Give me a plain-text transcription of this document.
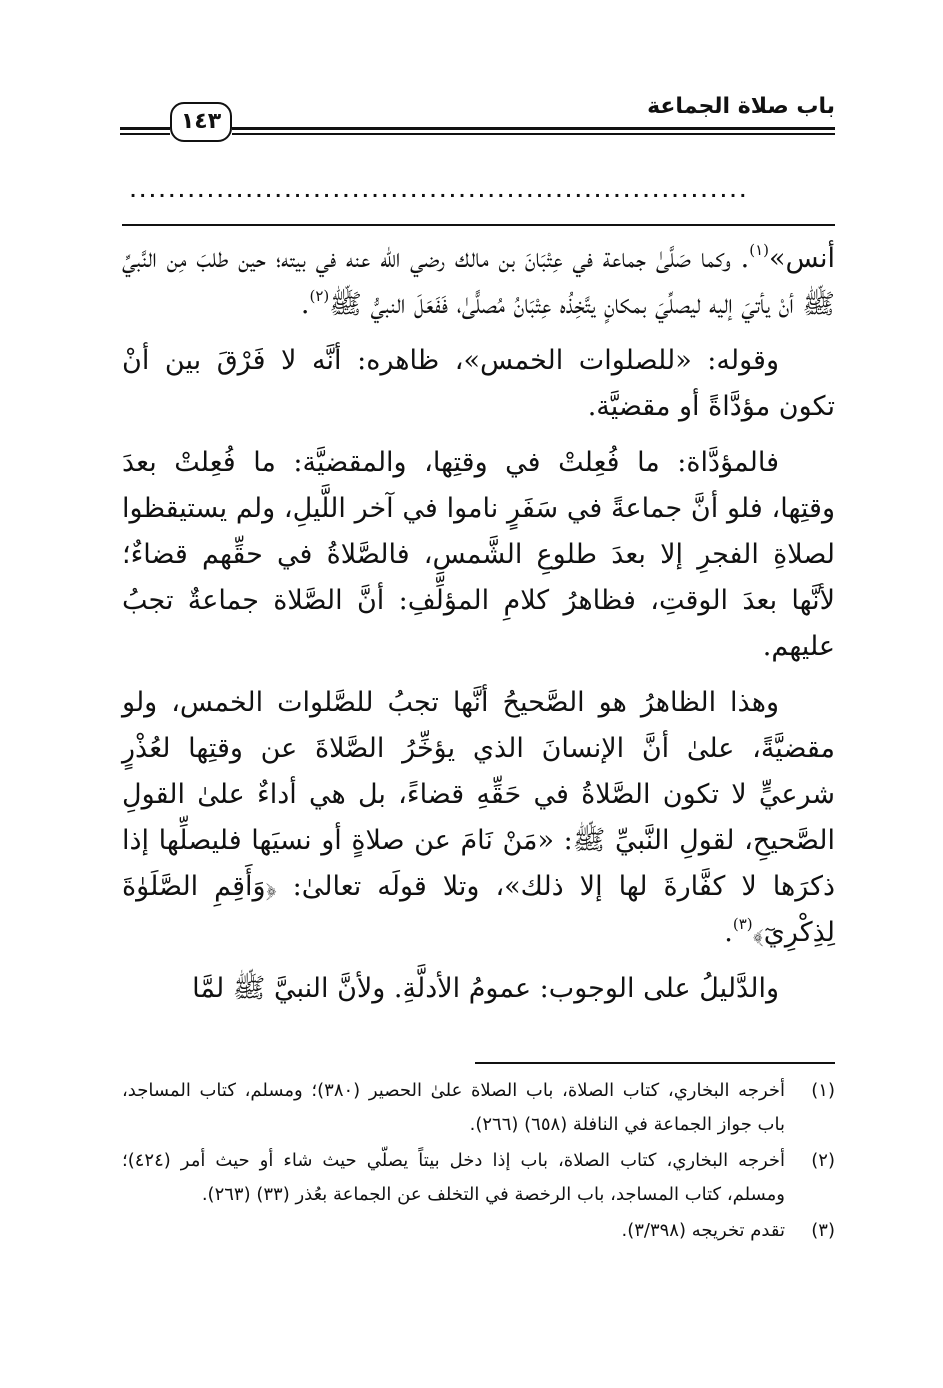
باب صلاة الجماعة
١٤٣
................................................................

أنس»$^{(١)}$. وكما صَلَّىٰ جماعة في عِتْبَانَ بن مالك رضي الله عنه في بيته؛ حين طلبَ مِن النَّبيِّ ﷺ أنْ يأتيَ إليه ليصلِّيَ بمكانٍ يتَّخِذُه عِتْبَانُ مُصلًّىٰ، فَفَعَلَ النبيُّ ﷺ$^{(٢)}$.

وقوله: «للصلوات الخمس»، ظاهره: أنَّه لا فَرْقَ بين أنْ تكون مؤدَّاةً أو مقضيَّة.

فالمؤدَّاة: ما فُعِلتْ في وقتِها، والمقضيَّة: ما فُعِلتْ بعدَ وقتِها، فلو أنَّ جماعةً في سَفَرٍ ناموا في آخر اللَّيلِ، ولم يستيقظوا لصلاةِ الفجرِ إلا بعدَ طلوعِ الشَّمسِ، فالصَّلاةُ في حقِّهم قضاءٌ؛ لأنَّها بعدَ الوقتِ، فظاهرُ كلامِ المؤلِّفِ: أنَّ الصَّلاة جماعةٌ تجبُ عليهم.

وهذا الظاهرُ هو الصَّحيحُ أنَّها تجبُ للصَّلوات الخمس، ولو مقضيَّةً، علىٰ أنَّ الإنسانَ الذي يؤخِّرُ الصَّلاةَ عن وقتِها لعُذْرٍ شرعيٍّ لا تكون الصَّلاةُ في حَقِّهِ قضاءً، بل هي أداءٌ علىٰ القولِ الصَّحيحِ، لقولِ النَّبيِّ ﷺ: «مَنْ نَامَ عن صلاةٍ أو نسيَها فليصلِّها إذا ذكرَها لا كفَّارةَ لها إلا ذلك»، وتلا قولَه تعالىٰ: ﴿وَأَقِمِ الصَّلَوٰةَ لِذِكْرِيٓ﴾$^{(٣)}$.

والدَّليلُ على الوجوب: عمومُ الأدلَّةِ. ولأنَّ النبيَّ ﷺ لمَّا

(١)
أخرجه البخاري، كتاب الصلاة، باب الصلاة علىٰ الحصير (٣٨٠)؛ ومسلم، كتاب المساجد، باب جواز الجماعة في النافلة (٦٥٨) (٢٦٦).
(٢)
أخرجه البخاري، كتاب الصلاة، باب إذا دخل بيتاً يصلّي حيث شاء أو حيث أمر (٤٢٤)؛ ومسلم، كتاب المساجد، باب الرخصة في التخلف عن الجماعة بعُذر (٣٣) (٢٦٣).
(٣)
تقدم تخريجه (٣/٣٩٨).
